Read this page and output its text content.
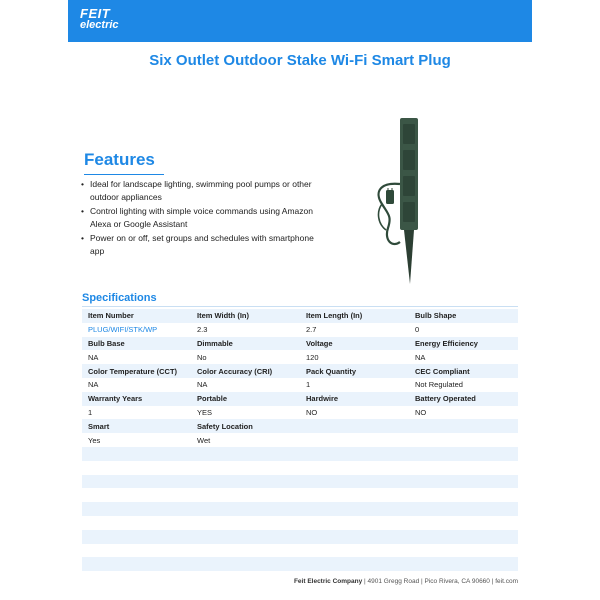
FEIT
electric
Six Outlet Outdoor Stake Wi-Fi Smart Plug
Features
• Ideal for landscape lighting, swimming pool pumps or other outdoor appliances
• Control lighting with simple voice commands using Amazon Alexa or Google Assistant
• Power on or off, set groups and schedules with smartphone app
Specifications
Item Number	Item Width (In)	Item Length (In)	Bulb Shape
PLUG/WIFI/STK/WP	2.3	2.7	0
Bulb Base	Dimmable	Voltage	Energy Efficiency
NA	No	120	NA
Color Temperature (CCT)	Color Accuracy (CRI)	Pack Quantity	CEC Compliant
NA	NA	1	Not Regulated
Warranty Years	Portable	Hardwire	Battery Operated
1	YES	NO	NO
Smart	Safety Location		
Yes	Wet		

Feit Electric Company | 4901 Gregg Road | Pico Rivera, CA 90660 | feit.com
